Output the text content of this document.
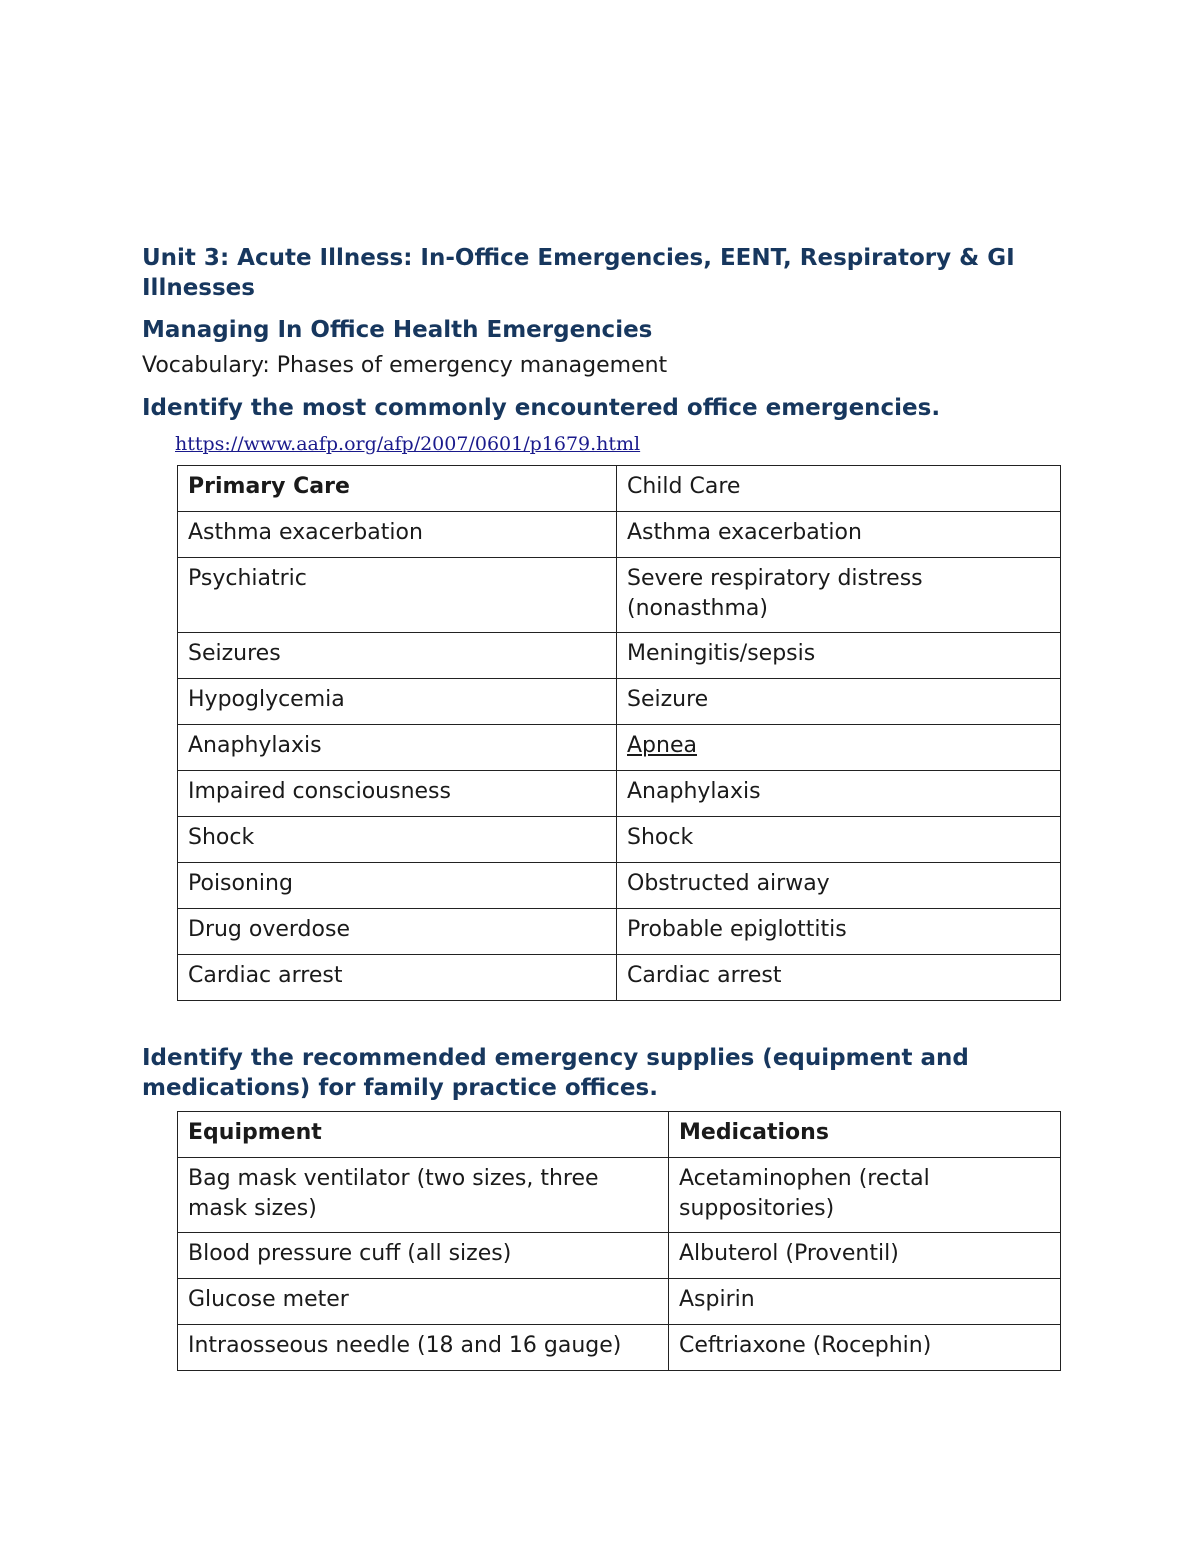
Unit 3: Acute Illness: In-Office Emergencies, EENT, Respiratory & GI Illnesses
Managing In Office Health Emergencies

Vocabulary: Phases of emergency management

Identify the most commonly encountered office emergencies.
https://www.aafp.org/afp/2007/0601/p1679.html
Primary Care	Child Care
Asthma exacerbation	Asthma exacerbation
Psychiatric	Severe respiratory distress (nonasthma)
Seizures	Meningitis/sepsis
Hypoglycemia	Seizure
Anaphylaxis	Apnea
Impaired consciousness	Anaphylaxis
Shock	Shock
Poisoning	Obstructed airway
Drug overdose	Probable epiglottitis
Cardiac arrest	Cardiac arrest
Identify the recommended emergency supplies (equipment and medications) for family practice offices.
Equipment	Medications
Bag mask ventilator (two sizes, three mask sizes)	Acetaminophen (rectal suppositories)
Blood pressure cuff (all sizes)	Albuterol (Proventil)
Glucose meter	Aspirin
Intraosseous needle (18 and 16 gauge)	Ceftriaxone (Rocephin)
